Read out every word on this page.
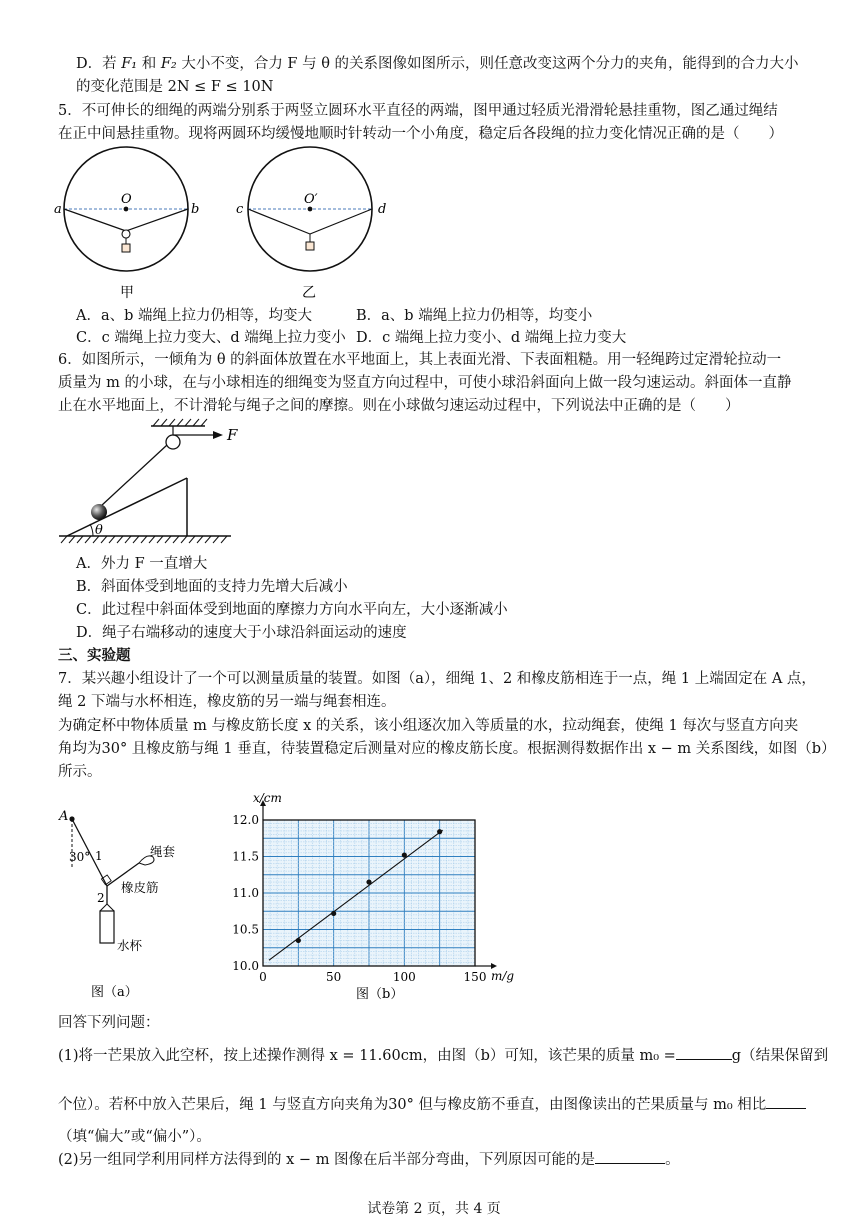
D．若 F₁ 和 F₂ 大小不变，合力 F 与 θ 的关系图像如图所示，则任意改变这两个分力的夹角，能得到的合力大小
的变化范围是 2N ≤ F ≤ 10N
5．不可伸长的细绳的两端分别系于两竖立圆环水平直径的两端，图甲通过轻质光滑滑轮悬挂重物，图乙通过绳结
在正中间悬挂重物。现将两圆环均缓慢地顺时针转动一个小角度，稳定后各段绳的拉力变化情况正确的是（　　）
a	b
O
甲
c	d
O′
乙
A．a、b 端绳上拉力仍相等，均变大	B．a、b 端绳上拉力仍相等，均变小
C．c 端绳上拉力变大、d 端绳上拉力变小 D．c 端绳上拉力变小、d 端绳上拉力变大
6．如图所示，一倾角为 θ 的斜面体放置在水平地面上，其上表面光滑、下表面粗糙。用一轻绳跨过定滑轮拉动一
质量为 m 的小球，在与小球相连的细绳变为竖直方向过程中，可使小球沿斜面向上做一段匀速运动。斜面体一直静
止在水平地面上，不计滑轮与绳子之间的摩擦。则在小球做匀速运动过程中，下列说法中正确的是（　　）
F
θ
A．外力 F 一直增大
B．斜面体受到地面的支持力先增大后减小
C．此过程中斜面体受到地面的摩擦力方向水平向左，大小逐渐减小
D．绳子右端移动的速度大于小球沿斜面运动的速度
三、实验题
7．某兴趣小组设计了一个可以测量质量的装置。如图（a），细绳 1、2 和橡皮筋相连于一点，绳 1 上端固定在 A 点，
绳 2 下端与水杯相连，橡皮筋的另一端与绳套相连。
为确定杯中物体质量 m 与橡皮筋长度 x 的关系，该小组逐次加入等质量的水，拉动绳套，使绳 1 每次与竖直方向夹
角均为30° 且橡皮筋与绳 1 垂直，待装置稳定后测量对应的橡皮筋长度。根据测得数据作出 x − m 关系图线，如图（b）
所示。
A
30° 1	绳套
橡皮筋
2
水杯
图（a）
0	50	100	150
10.0
10.5
11.0
11.5
12.0
x/cm
m/g
图（b）
回答下列问题：
(1)将一芒果放入此空杯，按上述操作测得 x = 11.60cm，由图（b）可知，该芒果的质量 m₀ =	g（结果保留到
个位）。若杯中放入芒果后，绳 1 与竖直方向夹角为30° 但与橡皮筋不垂直，由图像读出的芒果质量与 m₀ 相比
（填“偏大”或“偏小”）。
(2)另一组同学利用同样方法得到的 x − m 图像在后半部分弯曲，下列原因可能的是	。
试卷第 2 页，共 4 页
